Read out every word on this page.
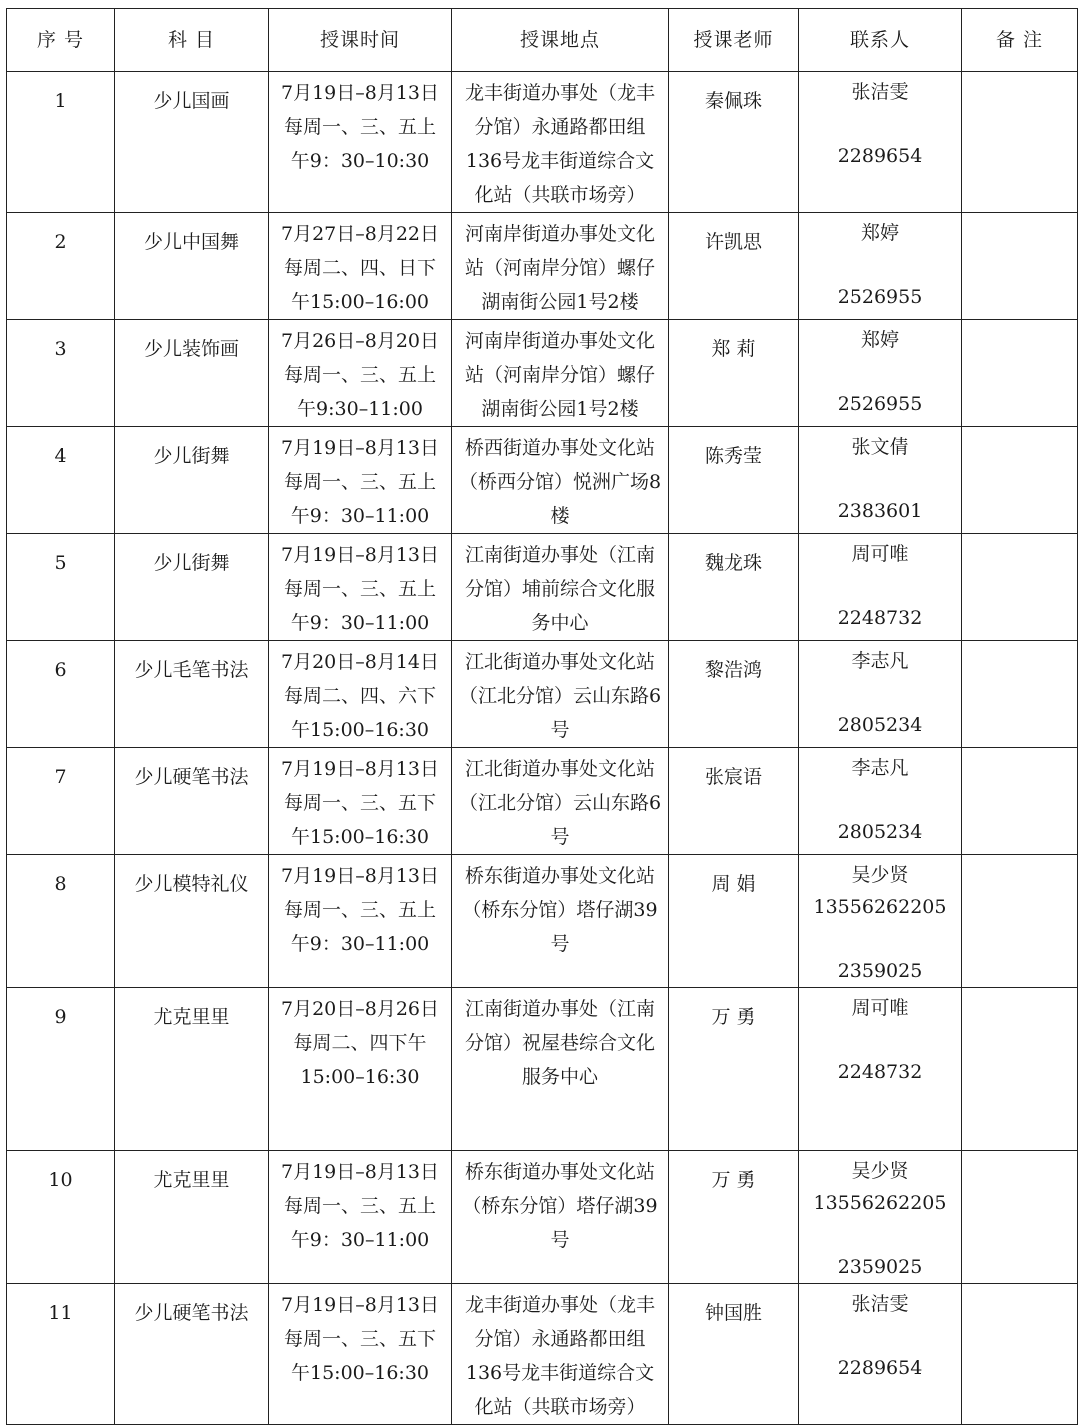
序 号	科 目	授课时间	授课地点	授课老师	联系人	备 注
1	少儿国画	7月19日–8月13日每周一、三、五上午9：30–10:30	龙丰街道办事处（龙丰分馆）永通路都田组136号龙丰街道综合文化站（共联市场旁）	秦佩珠	张洁雯
2289654	

2	少儿中国舞	7月27日–8月22日每周二、四、日下午15:00–16:00	河南岸街道办事处文化站（河南岸分馆）螺仔湖南街公园1号2楼	许凯思	郑婷
2526955	

3	少儿装饰画	7月26日–8月20日每周一、三、五上午9:30–11:00	河南岸街道办事处文化站（河南岸分馆）螺仔湖南街公园1号2楼	郑 莉	郑婷
2526955	

4	少儿街舞	7月19日–8月13日每周一、三、五上午9：30–11:00	桥西街道办事处文化站（桥西分馆）悦洲广场8楼	陈秀莹	张文倩
2383601	

5	少儿街舞	7月19日–8月13日每周一、三、五上午9：30–11:00	江南街道办事处（江南分馆）埔前综合文化服务中心	魏龙珠	周可唯
2248732	

6	少儿毛笔书法	7月20日–8月14日每周二、四、六下午15:00–16:30	江北街道办事处文化站（江北分馆）云山东路6号	黎浩鸿	李志凡
2805234	

7	少儿硬笔书法	7月19日–8月13日每周一、三、五下午15:00–16:30	江北街道办事处文化站（江北分馆）云山东路6号	张宸语	李志凡
2805234	

8	少儿模特礼仪	7月19日–8月13日每周一、三、五上午9：30–11:00	桥东街道办事处文化站（桥东分馆）塔仔湖39号	周 娟	吴少贤
13556262205
2359025	

9	尤克里里	7月20日–8月26日每周二、四下午15:00–16:30	江南街道办事处（江南分馆）祝屋巷综合文化服务中心	万 勇	周可唯
2248732	

10	尤克里里	7月19日–8月13日每周一、三、五上午9：30–11:00	桥东街道办事处文化站（桥东分馆）塔仔湖39号	万 勇	吴少贤
13556262205
2359025	

11	少儿硬笔书法	7月19日–8月13日每周一、三、五下午15:00–16:30	龙丰街道办事处（龙丰分馆）永通路都田组136号龙丰街道综合文化站（共联市场旁）	钟国胜	张洁雯
2289654	
